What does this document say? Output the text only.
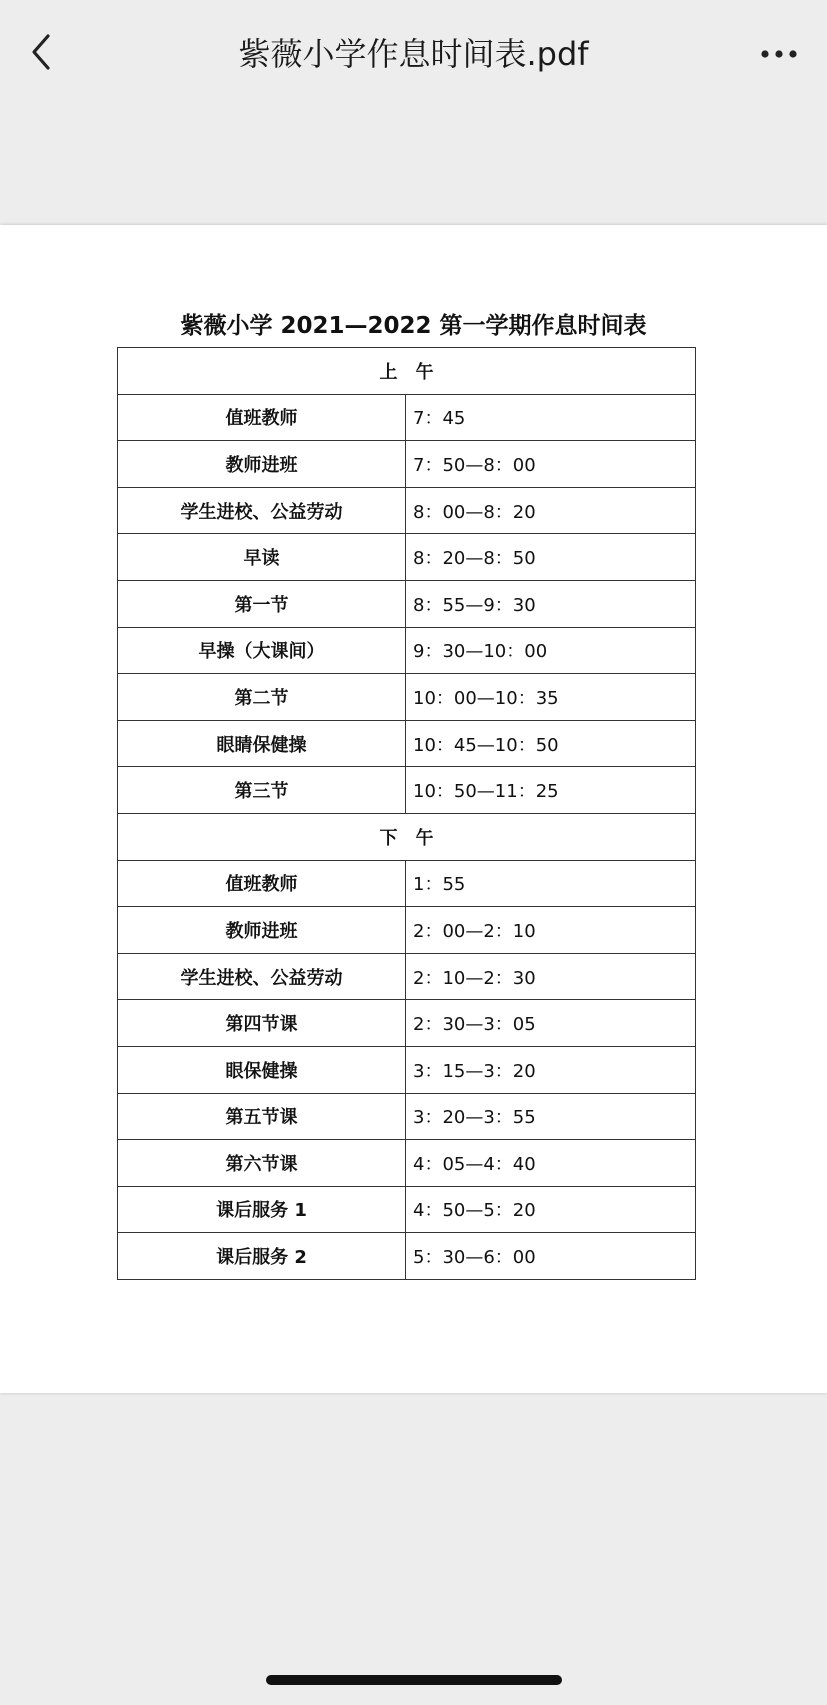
紫薇小学作息时间表.pdf
紫薇小学 2021—2022 第一学期作息时间表
上午	
值班教师	7：45
教师进班	7：50—8：00
学生进校、公益劳动	8：00—8：20
早读	8：20—8：50
第一节	8：55—9：30
早操（大课间）	9：30—10：00
第二节	10：00—10：35
眼睛保健操	10：45—10：50
第三节	10：50—11：25
下午	
值班教师	1：55
教师进班	2：00—2：10
学生进校、公益劳动	2：10—2：30
第四节课	2：30—3：05
眼保健操	3：15—3：20
第五节课	3：20—3：55
第六节课	4：05—4：40
课后服务 1	4：50—5：20
课后服务 2	5：30—6：00
